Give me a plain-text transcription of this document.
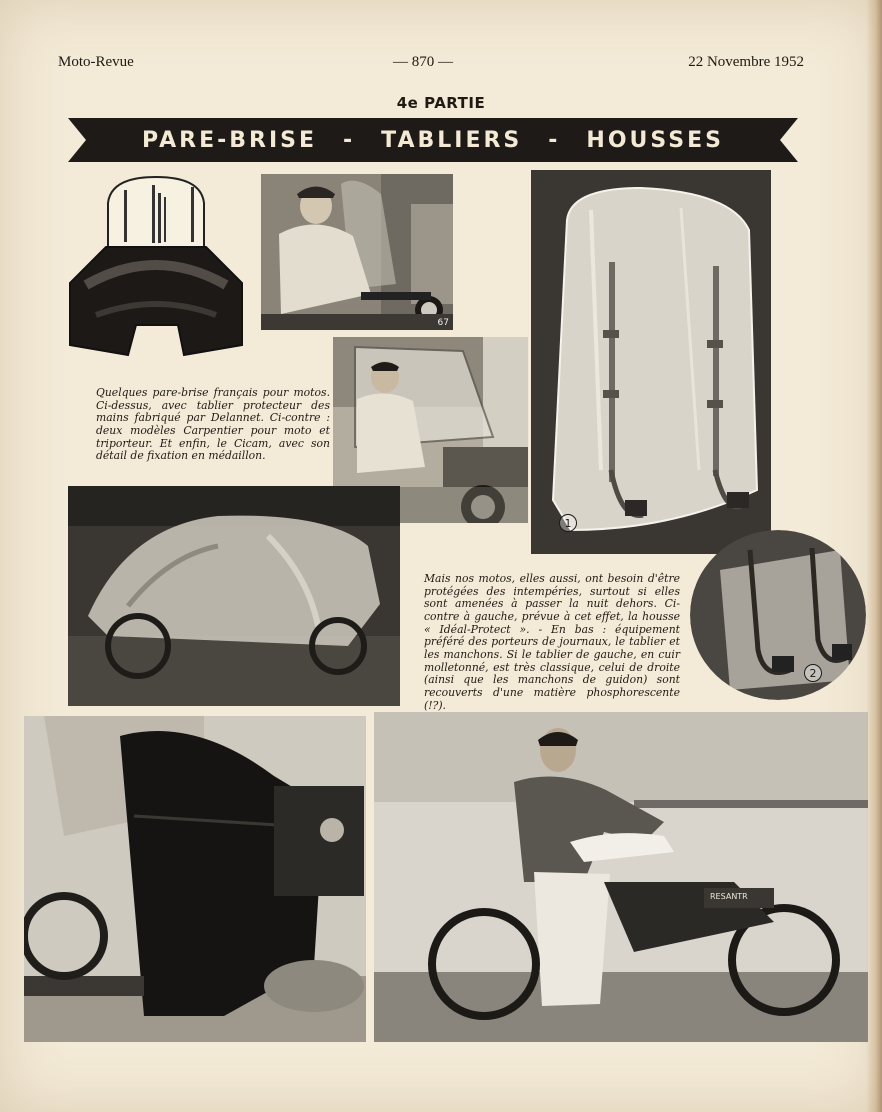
Moto-Revue	— 870 —	22 Novembre 1952
4e PARTIE
PARE-BRISE - TABLIERS - HOUSSES
67
1
2
RESANTR

Quelques pare-brise français pour motos. Ci-dessus, avec tablier protecteur des mains fabriqué par Delannet. Ci-contre : deux modèles Carpentier pour moto et triporteur. Et enfin, le Cicam, avec son détail de fixation en médaillon.

Mais nos motos, elles aussi, ont besoin d'être protégées des intempéries, surtout si elles sont amenées à passer la nuit dehors. Ci-contre à gauche, prévue à cet effet, la housse « Idéal-Protect ». - En bas : équipement préféré des porteurs de journaux, le tablier et les manchons. Si le tablier de gauche, en cuir molletonné, est très classique, celui de droite (ainsi que les manchons de guidon) sont recouverts d'une matière phosphorescente (!?).
